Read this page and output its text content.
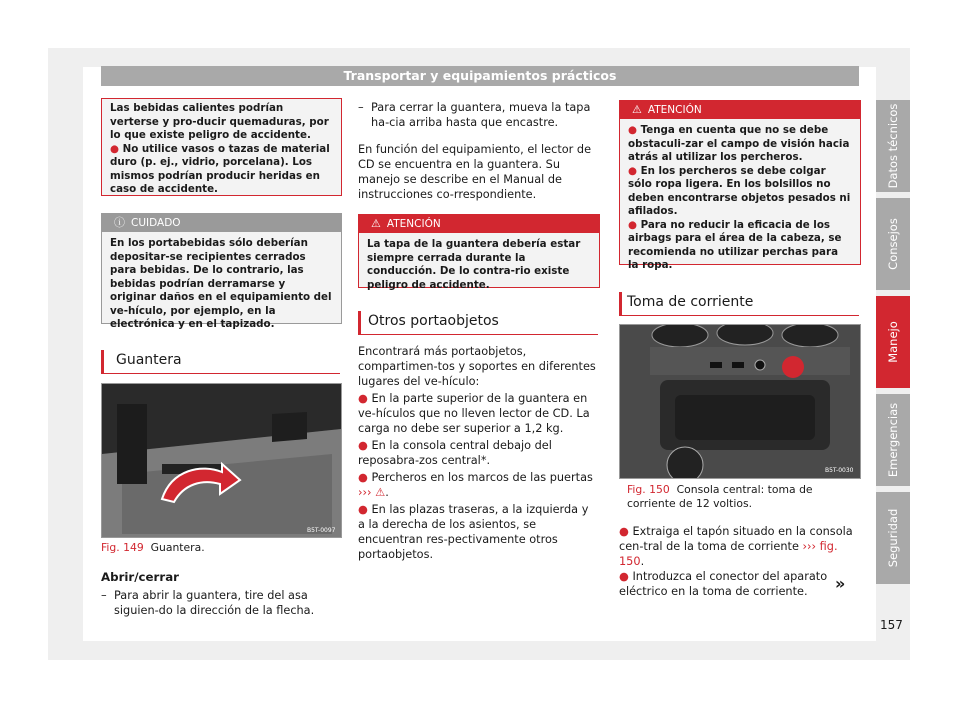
Transportar y equipamientos prácticos
Datos técnicos
Consejos
Manejo
Emergencias
Seguridad

Las bebidas calientes podrían verterse y pro-ducir quemaduras, por lo que existe peligro de accidente.

● No utilice vasos o tazas de material duro (p. ej., vidrio, porcelana). Los mismos podrían producir heridas en caso de accidente.

ⓘ CUIDADO
En los portabebidas sólo deberían depositar-se recipientes cerrados para bebidas. De lo contrario, las bebidas podrían derramarse y originar daños en el equipamiento del ve-hículo, por ejemplo, en la electrónica y en el tapizado.
Guantera
B5T-0097
Fig. 149 Guantera.
Abrir/cerrar
– Para abrir la guantera, tire del asa siguien-do la dirección de la flecha.
– Para cerrar la guantera, mueva la tapa ha-cia arriba hasta que encastre.
En función del equipamiento, el lector de CD se encuentra en la guantera. Su manejo se describe en el Manual de instrucciones co-rrespondiente.
⚠ ATENCIÓN
La tapa de la guantera debería estar siempre cerrada durante la conducción. De lo contra-rio existe peligro de accidente.
Otros portaobjetos
Encontrará más portaobjetos, compartimen-tos y soportes en diferentes lugares del ve-hículo:

● En la parte superior de la guantera en ve-hículos que no lleven lector de CD. La carga no debe ser superior a 1,2 kg.

● En la consola central debajo del reposabra-zos central*.

● Percheros en los marcos de las puertas
››› ⚠.

● En las plazas traseras, a la izquierda y a la derecha de los asientos, se encuentran res-pectivamente otros portaobjetos.

⚠ ATENCIÓN

● Tenga en cuenta que no se debe obstaculi-zar el campo de visión hacia atrás al utilizar los percheros.

● En los percheros se debe colgar sólo ropa ligera. En los bolsillos no deben encontrarse objetos pesados ni afilados.

● Para no reducir la eficacia de los airbags para el área de la cabeza, se recomienda no utilizar perchas para la ropa.

Toma de corriente
B5T-0030
Fig. 150 Consola central: toma de corriente de 12 voltios.

● Extraiga el tapón situado en la consola cen-tral de la toma de corriente ››› fig. 150.

● Introduzca el conector del aparato eléctrico en la toma de corriente.	»
157
